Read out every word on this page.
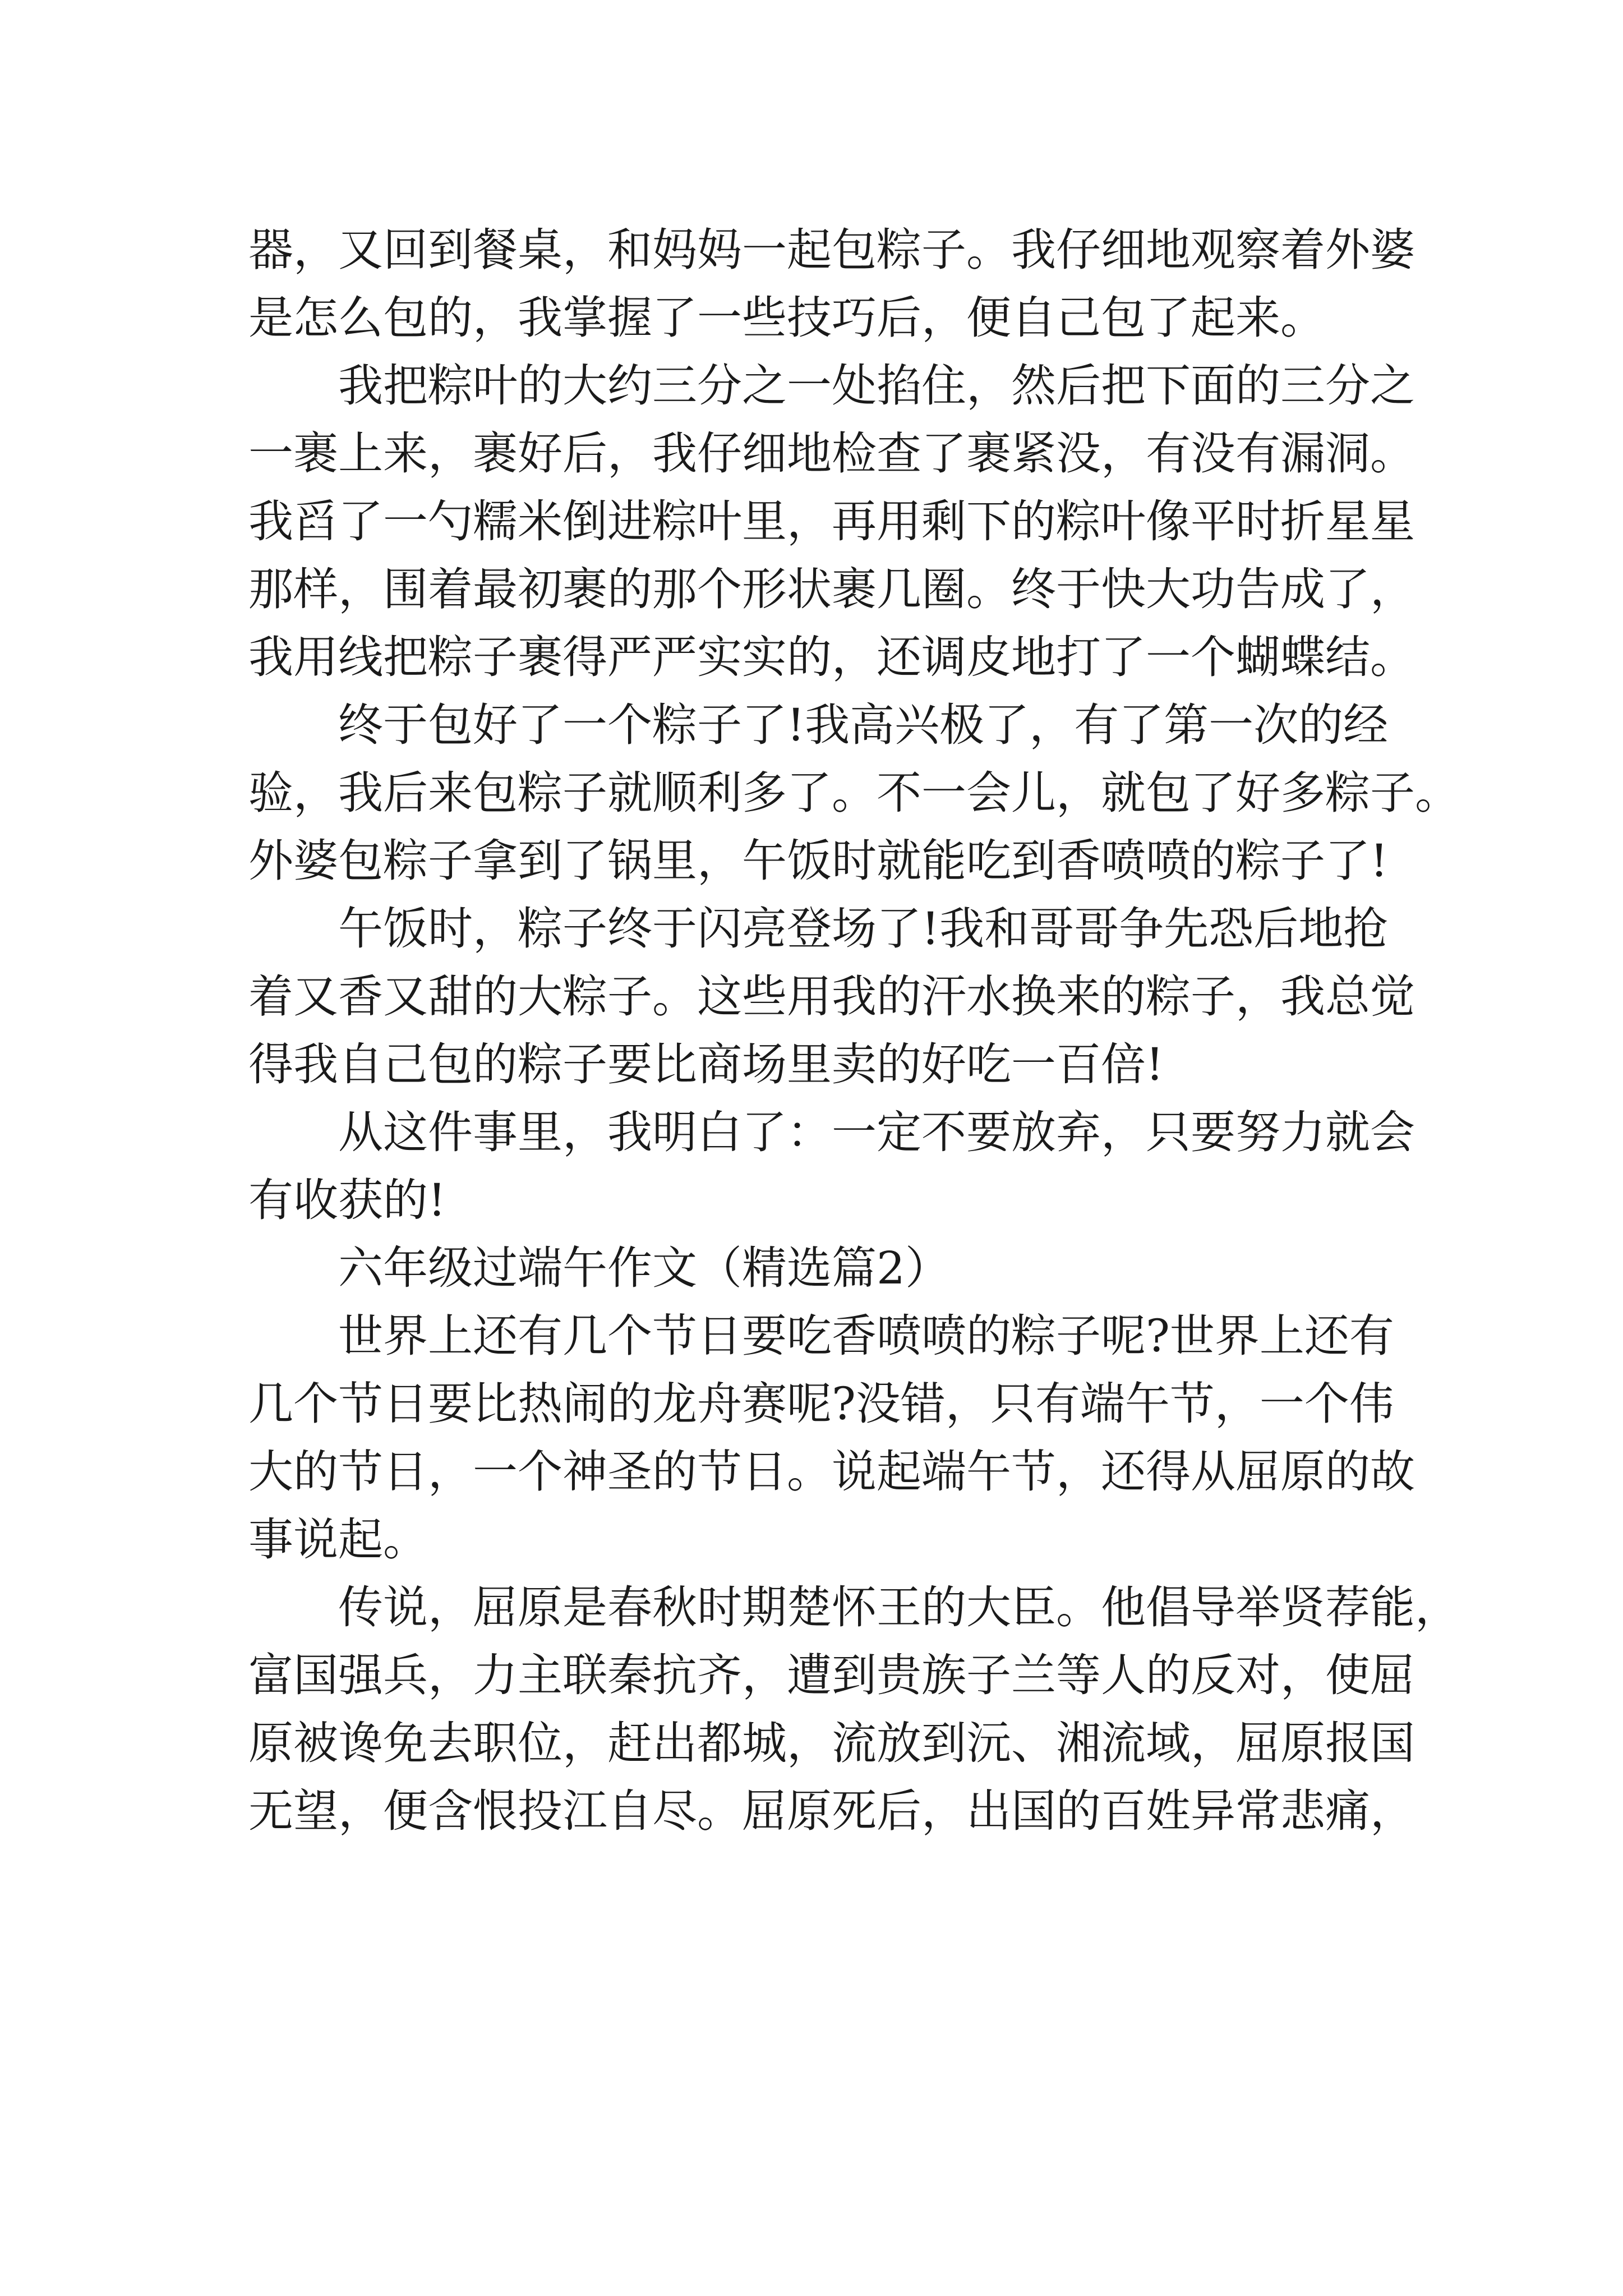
器，又回到餐桌，和妈妈一起包粽子。我仔细地观察着外婆
是怎么包的，我掌握了一些技巧后，便自己包了起来。
我把粽叶的大约三分之一处掐住，然后把下面的三分之
一裹上来，裹好后，我仔细地检查了裹紧没，有没有漏洞。
我舀了一勺糯米倒进粽叶里，再用剩下的粽叶像平时折星星
那样，围着最初裹的那个形状裹几圈。终于快大功告成了，
我用线把粽子裹得严严实实的，还调皮地打了一个蝴蝶结。
终于包好了一个粽子了!我高兴极了，有了第一次的经
验，我后来包粽子就顺利多了。不一会儿，就包了好多粽子。
外婆包粽子拿到了锅里，午饭时就能吃到香喷喷的粽子了!
午饭时，粽子终于闪亮登场了!我和哥哥争先恐后地抢
着又香又甜的大粽子。这些用我的汗水换来的粽子，我总觉
得我自己包的粽子要比商场里卖的好吃一百倍!
从这件事里，我明白了：一定不要放弃，只要努力就会
有收获的!
六年级过端午作文（精选篇2）
世界上还有几个节日要吃香喷喷的粽子呢?世界上还有
几个节日要比热闹的龙舟赛呢?没错，只有端午节，一个伟
大的节日，一个神圣的节日。说起端午节，还得从屈原的故
事说起。
传说，屈原是春秋时期楚怀王的大臣。他倡导举贤荐能，
富国强兵，力主联秦抗齐，遭到贵族子兰等人的反对，使屈
原被谗免去职位，赶出都城，流放到沅、湘流域，屈原报国
无望，便含恨投江自尽。屈原死后，出国的百姓异常悲痛，
